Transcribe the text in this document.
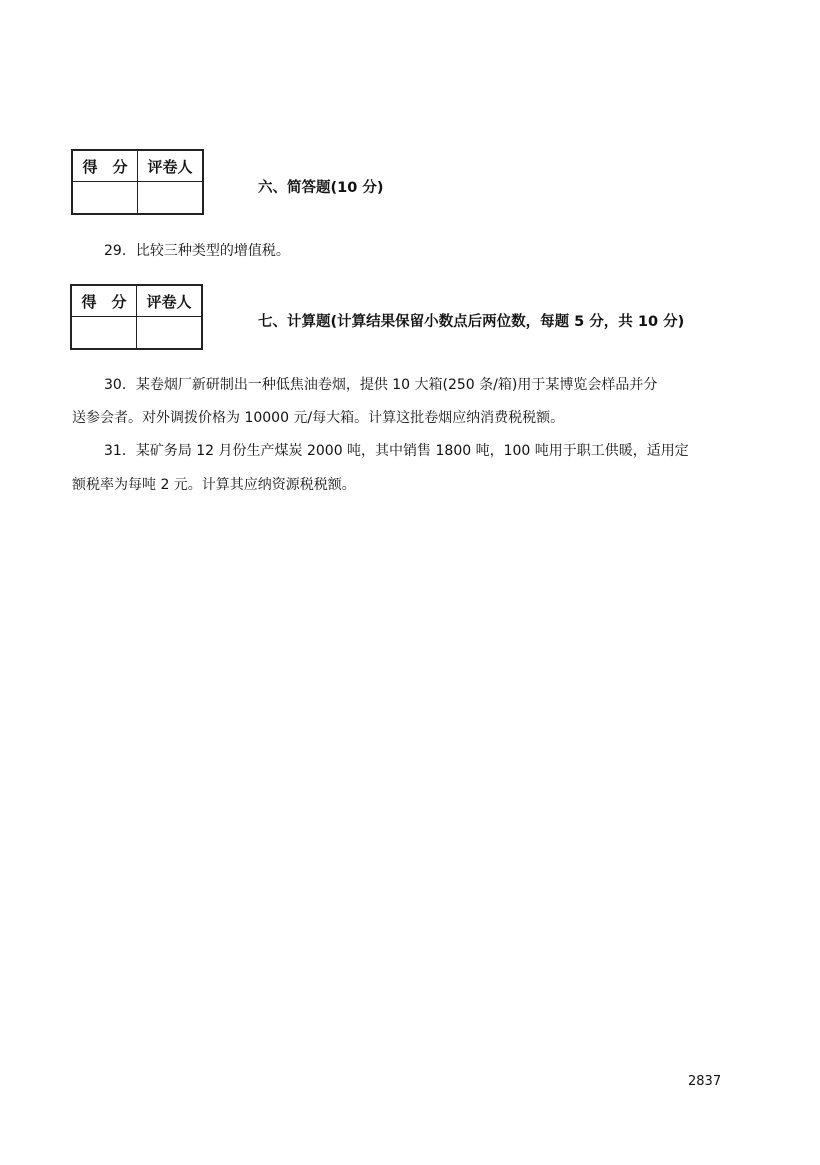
得　分	评卷人

六、简答题(10 分)
29．比较三种类型的增值税。
得　分	评卷人

七、计算题(计算结果保留小数点后两位数，每题 5 分，共 10 分)
30．某卷烟厂新研制出一种低焦油卷烟，提供 10 大箱(250 条/箱)用于某博览会样品并分
送参会者。对外调拨价格为 10000 元/每大箱。计算这批卷烟应纳消费税税额。
31．某矿务局 12 月份生产煤炭 2000 吨，其中销售 1800 吨，100 吨用于职工供暖，适用定
额税率为每吨 2 元。计算其应纳资源税税额。
2837
